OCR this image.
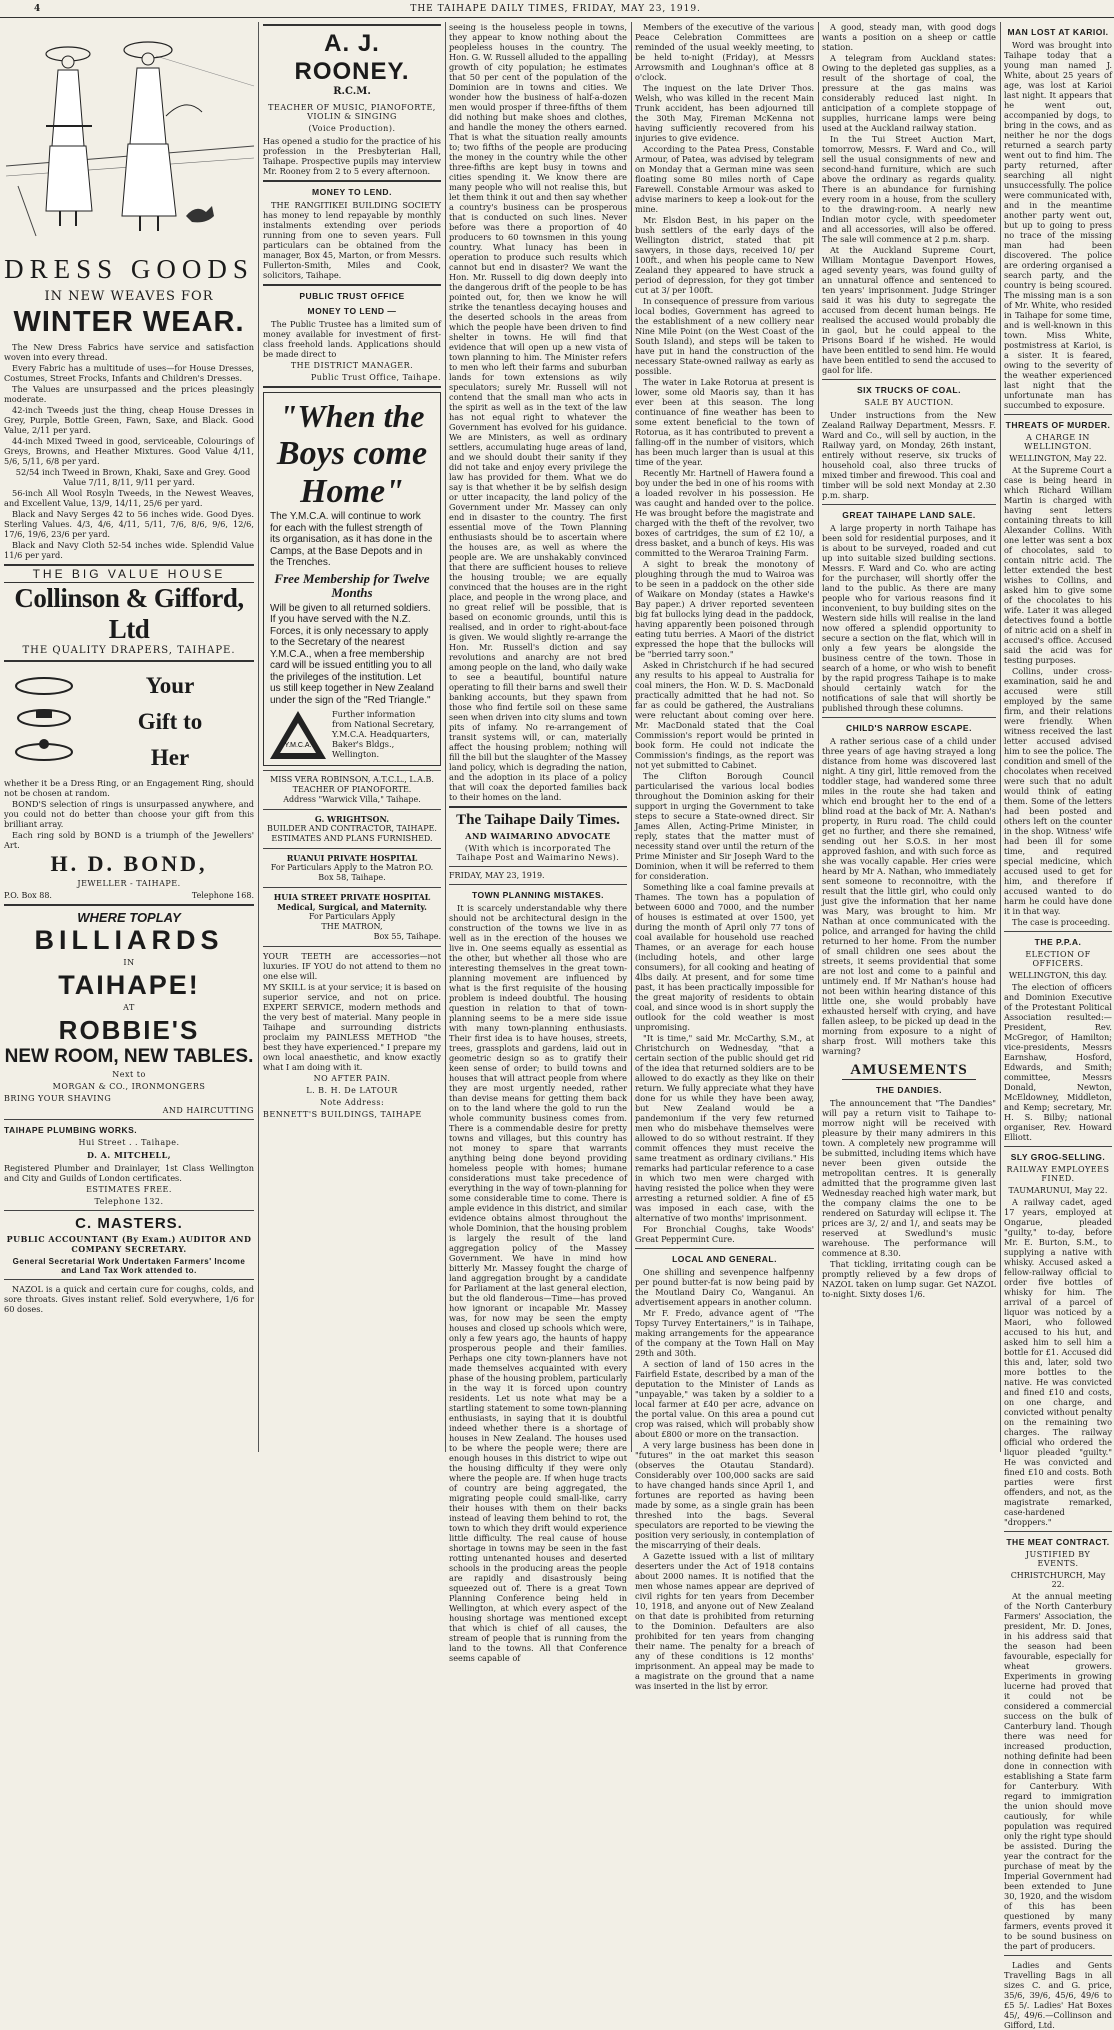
4	THE TAIHAPE DAILY TIMES, FRIDAY, MAY 23, 1919.
DRESS GOODS
IN NEW WEAVES FOR
WINTER WEAR.

The New Dress Fabrics have service and satisfaction woven into every thread.

Every Fabric has a multitude of uses—for House Dresses, Costumes, Street Frocks, Infants and Children's Dresses.

The Values are unsurpassed and the prices pleasingly moderate.

42-inch Tweeds just the thing, cheap House Dresses in Grey, Purple, Bottle Green, Fawn, Saxe, and Black. Good Value, 2/11 per yard.

44-inch Mixed Tweed in good, serviceable, Colourings of Greys, Browns, and Heather Mixtures. Good Value 4/11, 5/6, 5/11, 6/8 per yard.

52/54 inch Tweed in Brown, Khaki, Saxe and Grey. Good Value 7/11, 8/11, 9/11 per yard.

56-inch All Wool Rosyln Tweeds, in the Newest Weaves, and Excellent Value, 13/9, 14/11, 25/6 per yard.

Black and Navy Serges 42 to 56 inches wide. Good Dyes. Sterling Values. 4/3, 4/6, 4/11, 5/11, 7/6, 8/6, 9/6, 12/6, 17/6, 19/6, 23/6 per yard.

Black and Navy Cloth 52-54 inches wide. Splendid Value 11/6 per yard.

THE BIG VALUE HOUSE
Collinson & Gifford, Ltd
THE QUALITY DRAPERS, TAIHAPE.
Your
Gift to
Her

whether it be a Dress Ring, or an Engagement Ring, should not be chosen at random.

BOND'S selection of rings is unsurpassed anywhere, and you could not do better than choose your gift from this brilliant array.

Each ring sold by BOND is a triumph of the Jewellers' Art.

H. D. BOND,
JEWELLER - TAIHAPE.
P.O. Box 88.	Telephone 168.
WHERE TOPLAY
BILLIARDS
IN
TAIHAPE!
AT
ROBBIE'S
NEW ROOM, NEW TABLES.
Next to
MORGAN & CO., IRONMONGERS
BRING YOUR SHAVING
AND HAIRCUTTING
TAIHAPE PLUMBING WORKS.
Hui Street . . Taihape.
D. A. MITCHELL,

Registered Plumber and Drainlayer, 1st Class Wellington and City and Guilds of London certificates.

ESTIMATES FREE.
Telephone 132.
C. MASTERS.
PUBLIC ACCOUNTANT (By Exam.) AUDITOR AND COMPANY SECRETARY.
General Secretarial Work Undertaken Farmers' Income and Land Tax Work attended to.

NAZOL is a quick and certain cure for coughs, colds, and sore throats. Gives instant relief. Sold everywhere, 1/6 for 60 doses.

A. J. ROONEY.
R.C.M.
TEACHER OF MUSIC, PIANOFORTE, VIOLIN & SINGING
(Voice Production).

Has opened a studio for the practice of his profession in the Presbyterian Hall, Taihape. Prospective pupils may interview Mr. Rooney from 2 to 5 every afternoon.

MONEY TO LEND.

THE RANGITIKEI BUILDING SOCIETY has money to lend repayable by monthly instalments extending over periods running from one to seven years. Full particulars can be obtained from the manager, Box 45, Marton, or from Messrs. Fullerton-Smith, Miles and Cook, solicitors, Taihape.

PUBLIC TRUST OFFICE
MONEY TO LEND —

The Public Trustee has a limited sum of money available for investment of first-class freehold lands. Applications should be made direct to

THE DISTRICT MANAGER.
Public Trust Office, Taihape.
"When the
Boys come
Home"
The Y.M.C.A. will continue to work for each with the fullest strength of its organisation, as it has done in the Camps, at the Base Depots and in the Trenches.
Free Membership for Twelve Months
Will be given to all returned soldiers. If you have served with the N.Z. Forces, it is only necessary to apply to the Secretary of the nearest Y.M.C.A., when a free membership card will be issued entitling you to all the privileges of the institution. Let us still keep together in New Zealand under the sign of the "Red Triangle."
Y.M.C.A.
Further information from National Secretary, Y.M.C.A. Headquarters, Baker's Bldgs., Wellington.
MISS VERA ROBINSON, A.T.C.L., L.A.B.
TEACHER OF PIANOFORTE.
Address "Warwick Villa," Taihape.
G. WRIGHTSON.
BUILDER AND CONTRACTOR, TAIHAPE.
ESTIMATES AND PLANS FURNISHED.
RUANUI PRIVATE HOSPITAL
For Particulars Apply to the Matron P.O. Box 58, Taihape.
HUIA STREET PRIVATE HOSPITAL
Medical, Surgical, and Maternity.
For Particulars Apply
THE MATRON,
Box 55, Taihape.

YOUR TEETH are accessories—not luxuries. IF YOU do not attend to them no one else will.

MY SKILL is at your service; it is based on superior service, and not on price. EXPERT SERVICE, modern methods and the very best of material. Many people in Taihape and surrounding districts proclaim my PAINLESS METHOD "the best they have experienced." I prepare my own local anaesthetic, and know exactly what I am doing with it.

NO AFTER PAIN.
L. B. H. De LATOUR
Note Address:
BENNETT'S BUILDINGS, TAIHAPE

seeing is the houseless people in towns, they appear to know nothing about the peopleless houses in the country. The Hon. G. W. Russell alluded to the appalling growth of city population; he estimates that 50 per cent of the population of the Dominion are in towns and cities. We wonder how the business of half-a-dozen men would prosper if three-fifths of them did nothing but make shoes and clothes, and handle the money the others earned. That is what the situation really amounts to; two fifths of the people are producing the money in the country while the other three-fifths are kept busy in towns and cities spending it. We know there are many people who will not realise this, but let them think it out and then say whether a country's business can be prosperous that is conducted on such lines. Never before was there a proportion of 40 producers to 60 townsmen in this young country. What lunacy has been in operation to produce such results which cannot but end in disaster? We want the Hon. Mr. Russell to dig down deeply into the dangerous drift of the people to be has pointed out, for, then we know he will strike the tenantless decaying houses and the deserted schools in the areas from which the people have been driven to find shelter in towns. He will find that evidence that will open up a new vista of town planning to him. The Minister refers to men who left their farms and suburban lands for town extensions as wily speculators; surely Mr. Russell will not contend that the small man who acts in the spirit as well as in the text of the law has not equal right to whatever the Government has evolved for his guidance. We are Ministers, as well as ordinary settlers, accumulating huge areas of land, and we should doubt their sanity if they did not take and enjoy every privilege the law has provided for them. What we do say is that whether it be by selfish design or utter incapacity, the land policy of the Government under Mr. Massey can only end in disaster to the country. The first essential move of the Town Planning enthusiasts should be to ascertain where the houses are, as well as where the people are. We are unshakably convinced that there are sufficient houses to relieve the housing trouble; we are equally convinced that the houses are in the right place, and people in the wrong place, and no great relief will be possible, that is based on economic grounds, until this is realised, and in order to right-about-face is given. We would slightly re-arrange the Hon. Mr. Russell's diction and say revolutions and anarchy are not bred among people on the land, who daily wake to see a beautiful, bountiful nature operating to fill their barns and swell their banking accounts, but they spawn from those who find fertile soil on these same seen when driven into city slums and town pits of infamy. No re-arrangement of transit systems will, or can, materially affect the housing problem; nothing will fill the bill but the slaughter of the Massey land policy, which is degrading the nation, and the adoption in its place of a policy that will coax the deported families back to their homes on the land.

The Taihape Daily Times.
AND WAIMARINO ADVOCATE
(With which is incorporated The Taihape Post and Waimarino News).
FRIDAY, MAY 23, 1919.
TOWN PLANNING MISTAKES.

It is scarcely understandable why there should not be architectural design in the construction of the towns we live in as well as in the erection of the houses we live in. One seems equally as essential as the other, but whether all those who are interesting themselves in the great town-planning movement are influenced by what is the first requisite of the housing problem is indeed doubtful. The housing question in relation to that of town-planning seems to be a mere side issue with many town-planning enthusiasts. Their first idea is to have houses, streets, trees, grassplots and gardens, laid out in geometric design so as to gratify their keen sense of order; to build towns and houses that will attract people from where they are most urgently needed, rather than devise means for getting them back on to the land where the gold to run the whole community business comes from. There is a commendable desire for pretty towns and villages, but this country has not money to spare that warrants anything being done beyond providing homeless people with homes; humane considerations must take precedence of everything in the way of town-planning for some considerable time to come. There is ample evidence in this district, and similar evidence obtains almost throughout the whole Dominion, that the housing problem is largely the result of the land aggregation policy of the Massey Government. We have in mind how bitterly Mr. Massey fought the charge of land aggregation brought by a candidate for Parliament at the last general election, but the old flanderous—Time—has proved how ignorant or incapable Mr. Massey was, for now may be seen the empty houses and closed up schools which were, only a few years ago, the haunts of happy prosperous people and their families. Perhaps one city town-planners have not made themselves acquainted with every phase of the housing problem, particularly in the way it is forced upon country residents. Let us note what may be a startling statement to some town-planning enthusiasts, in saying that it is doubtful indeed whether there is a shortage of houses in New Zealand. The houses used to be where the people were; there are enough houses in this district to wipe out the housing difficulty if they were only where the people are. If when huge tracts of country are being aggregated, the migrating people could small-like, carry their houses with them on their backs instead of leaving them behind to rot, the town to which they drift would experience little difficulty. The real cause of house shortage in towns may be seen in the fast rotting untenanted houses and deserted schools in the producing areas the people are rapidly and disastrously being squeezed out of. There is a great Town Planning Conference being held in Wellington, at which every aspect of the housing shortage was mentioned except that which is chief of all causes, the stream of people that is running from the land to the towns. All that Conference seems capable of

Members of the executive of the various Peace Celebration Committees are reminded of the usual weekly meeting, to be held to-night (Friday), at Messrs Arrowsmith and Loughnan's office at 8 o'clock.

The inquest on the late Driver Thos. Welsh, who was killed in the recent Main Trunk accident, has been adjourned till the 30th May, Fireman McKenna not having sufficiently recovered from his injuries to give evidence.

According to the Patea Press, Constable Armour, of Patea, was advised by telegram on Monday that a German mine was seen floating some 80 miles north of Cape Farewell. Constable Armour was asked to advise mariners to keep a look-out for the mine.

Mr. Elsdon Best, in his paper on the bush settlers of the early days of the Wellington district, stated that pit sawyers, in those days, received 10/ per 100ft., and when his people came to New Zealand they appeared to have struck a period of depression, for they got timber cut at 3/ per 100ft.

In consequence of pressure from various local bodies, Government has agreed to the establishment of a new colliery near Nine Mile Point (on the West Coast of the South Island), and steps will be taken to have put in hand the construction of the necessary State-owned railway as early as possible.

The water in Lake Rotorua at present is lower, some old Maoris say, than it has ever been at this season. The long continuance of fine weather has been to some extent beneficial to the town of Rotorua, as it has contributed to prevent a falling-off in the number of visitors, which has been much larger than is usual at this time of the year.

Recently Mr. Hartnell of Hawera found a boy under the bed in one of his rooms with a loaded revolver in his possession. He was caught and handed over to the police. He was brought before the magistrate and charged with the theft of the revolver, two boxes of cartridges, the sum of £2 10/, a dress basket, and a bunch of keys. His was committed to the Weraroa Training Farm.

A sight to break the monotony of ploughing through the mud to Wairoa was to be seen in a paddock on the other side of Waikare on Monday (states a Hawke's Bay paper.) A driver reported seventeen big fat bullocks lying dead in the paddock, having apparently been poisoned through eating tutu berries. A Maori of the district expressed the hope that the bullocks will be "berried tarry soon."

Asked in Christchurch if he had secured any results to his appeal to Australia for coal miners, the Hon. W. D. S. MacDonald practically admitted that he had not. So far as could be gathered, the Australians were reluctant about coming over here. Mr. MacDonald stated that the Coal Commission's report would be printed in book form. He could not indicate the Commission's findings, as the report was not yet submitted to Cabinet.

The Clifton Borough Council particularised the various local bodies throughout the Dominion asking for their support in urging the Government to take steps to secure a State-owned direct. Sir James Allen, Acting-Prime Minister, in reply, states that the matter must of necessity stand over until the return of the Prime Minister and Sir Joseph Ward to the Dominion, when it will be referred to them for consideration.

Something like a coal famine prevails at Thames. The town has a population of between 6000 and 7000, and the number of houses is estimated at over 1500, yet during the month of April only 77 tons of coal available for household use reached Thames, or an average for each house (including hotels, and other large consumers), for all cooking and heating of 4lbs daily. At present, and for some time past, it has been practically impossible for the great majority of residents to obtain coal, and since wood is in short supply the outlook for the cold weather is most unpromising.

"It is time," said Mr. McCarthy, S.M., at Christchurch on Wednesday, "that a certain section of the public should get rid of the idea that returned soldiers are to be allowed to do exactly as they like on their return. We fully appreciate what they have done for us while they have been away, but New Zealand would be a pandemonium if the very few returned men who do misbehave themselves were allowed to do so without restraint. If they commit offences they must receive the same treatment as ordinary civilians." His remarks had particular reference to a case in which two men were charged with having resisted the police when they were arresting a returned soldier. A fine of £5 was imposed in each case, with the alternative of two months' imprisonment.

For Bronchial Coughs, take Woods' Great Peppermint Cure.

LOCAL AND GENERAL.

One shilling and sevenpence halfpenny per pound butter-fat is now being paid by the Moutland Dairy Co, Wanganui. An advertisement appears in another column.

Mr F. Fredo, advance agent of "The Topsy Turvey Entertainers," is in Taihape, making arrangements for the appearance of the company at the Town Hall on May 29th and 30th.

A section of land of 150 acres in the Fairfield Estate, described by a man of the deputation to the Minister of Lands as "unpayable," was taken by a soldier to a local farmer at £40 per acre, advance on the portal value. On this area a pound cut crop was raised, which will probably show about £800 or more on the transaction.

A very large business has been done in "futures" in the oat market this season (observes the Otautau Standard). Considerably over 100,000 sacks are said to have changed hands since April 1, and fortunes are reported as having been made by some, as a single grain has been threshed into the bags. Several speculators are reported to be viewing the position very seriously, in contemplation of the miscarrying of their deals.

A Gazette issued with a list of military deserters under the Act of 1918 contains about 2000 names. It is notified that the men whose names appear are deprived of civil rights for ten years from December 10, 1918, and anyone out of New Zealand on that date is prohibited from returning to the Dominion. Defaulters are also prohibited for ten years from changing their name. The penalty for a breach of any of these conditions is 12 months' imprisonment. An appeal may be made to a magistrate on the ground that a name was inserted in the list by error.

A good, steady man, with good dogs wants a position on a sheep or cattle station.

A telegram from Auckland states: Owing to the depleted gas supplies, as a result of the shortage of coal, the pressure at the gas mains was considerably reduced last night. In anticipation of a complete stoppage of supplies, hurricane lamps were being used at the Auckland railway station.

In the Tui Street Auction Mart, tomorrow, Messrs. F. Ward and Co., will sell the usual consignments of new and second-hand furniture, which are such above the ordinary as regards quality. There is an abundance for furnishing every room in a house, from the scullery to the drawing-room. A nearly new Indian motor cycle, with speedometer and all accessories, will also be offered. The sale will commence at 2 p.m. sharp.

At the Auckland Supreme Court, William Montague Davenport Howes, aged seventy years, was found guilty of an unnatural offence and sentenced to ten years' imprisonment. Judge Stringer said it was his duty to segregate the accused from decent human beings. He realised the accused would probably die in gaol, but he could appeal to the Prisons Board if he wished. He would have been entitled to send him. He would have been entitled to send the accused to gaol for life.

SIX TRUCKS OF COAL.
SALE BY AUCTION.

Under instructions from the New Zealand Railway Department, Messrs. F. Ward and Co., will sell by auction, in the Railway yard, on Monday, 26th instant, entirely without reserve, six trucks of household coal, also three trucks of mixed timber and firewood. This coal and timber will be sold next Monday at 2.30 p.m. sharp.

GREAT TAIHAPE LAND SALE.

A large property in north Taihape has been sold for residential purposes, and it is about to be surveyed, roaded and cut up into suitable sized building sections. Messrs. F. Ward and Co. who are acting for the purchaser, will shortly offer the land to the public. As there are many people who for various reasons find it inconvenient, to buy building sites on the Western side hills will realise in the land now offered a splendid opportunity to secure a section on the flat, which will in only a few years be alongside the business centre of the town. Those in search of a home, or who wish to benefit by the rapid progress Taihape is to make should certainly watch for the notifications of sale that will shortly be published through these columns.

CHILD'S NARROW ESCAPE.

A rather serious case of a child under three years of age having strayed a long distance from home was discovered last night. A tiny girl, little removed from the toddler stage, had wandered some three miles in the route she had taken and which end brought her to the end of a blind road at the back of Mr. A. Nathan's property, in Ruru road. The child could get no further, and there she remained, sending out her S.O.S. in her most approved fashion, and with such force as she was vocally capable. Her cries were heard by Mr A. Nathan, who immediately sent someone to reconnoitre, with the result that the little girl, who could only just give the information that her name was Mary, was brought to him. Mr Nathan at once communicated with the police, and arranged for having the child returned to her home. From the number of small children one sees about the streets, it seems providential that some are not lost and come to a painful and untimely end. If Mr Nathan's house had not been within hearing distance of this little one, she would probably have exhausted herself with crying, and have fallen asleep, to be picked up dead in the morning from exposure to a night of sharp frost. Will mothers take this warning?

AMUSEMENTS
THE DANDIES.

The announcement that "The Dandies" will pay a return visit to Taihape to-morrow night will be received with pleasure by their many admirers in this town. A completely new programme will be submitted, including items which have never been given outside the metropolitan centres. It is generally admitted that the programme given last Wednesday reached high water mark, but the company claims the one to be rendered on Saturday will eclipse it. The prices are 3/, 2/ and 1/, and seats may be reserved at Swedlund's music warehouse. The performance will commence at 8.30.

That tickling, irritating cough can be promptly relieved by a few drops of NAZOL taken on lump sugar. Get NAZOL to-night. Sixty doses 1/6.

MAN LOST AT KARIOI.

Word was brought into Taihape today that a young man named J. White, about 25 years of age, was lost at Karioi last night. It appears that he went out, accompanied by dogs, to bring in the cows, and as neither he nor the dogs returned a search party went out to find him. The party returned, after searching all night unsuccessfully. The police were communicated with, and in the meantime another party went out, but up to going to press no trace of the missing man had been discovered. The police are ordering organised a search party, and the country is being scoured. The missing man is a son of Mr. White, who resided in Taihape for some time, and is well-known in this town. Miss White, postmistress at Karioi, is a sister. It is feared, owing to the severity of the weather experienced last night that the unfortunate man has succumbed to exposure.

THREATS OF MURDER.
A CHARGE IN WELLINGTON.
WELLINGTON, May 22.

At the Supreme Court a case is being heard in which Richard William Martin is charged with having sent letters containing threats to kill Alexander Collins. With one letter was sent a box of chocolates, said to contain nitric acid. The letter extended the best wishes to Collins, and asked him to give some of the chocolates to his wife. Later it was alleged detectives found a bottle of nitric acid on a shelf in accused's office. Accused said the acid was for testing purposes.

Collins, under cross-examination, said he and accused were still employed by the same firm, and their relations were friendly. When witness received the last letter accused advised him to see the police. The condition and smell of the chocolates when received were such that no adult would think of eating them. Some of the letters had been posted and others left on the counter in the shop. Witness' wife had been ill for some time, and required special medicine, which accused used to get for him, and therefore if accused wanted to do harm he could have done it in that way.

The case is proceeding.

THE P.P.A.
ELECTION OF OFFICERS.
WELLINGTON, this day.

The election of officers and Dominion Executive of the Protestant Political Association resulted:—President, Rev. McGregor, of Hamilton; vice-presidents, Messrs Earnshaw, Hosford, Edwards, and Smith; committee, Messrs Donald, Newton, McEldowney, Middleton, and Kemp; secretary, Mr. H. S. Bilby; national organiser, Rev. Howard Elliott.

SLY GROG-SELLING.
RAILWAY EMPLOYEES FINED.
TAUMARUNUI, May 22.

A railway cadet, aged 17 years, employed at Ongarue, pleaded "guilty," to-day, before Mr. E. Burton, S.M., to supplying a native with whisky. Accused asked a fellow-railway official to order five bottles of whisky for him. The arrival of a parcel of liquor was noticed by a Maori, who followed accused to his hut, and asked him to sell him a bottle for £1. Accused did this and, later, sold two more bottles to the native. He was convicted and fined £10 and costs, on one charge, and convicted without penalty on the remaining two charges. The railway official who ordered the liquor pleaded "guilty." He was convicted and fined £10 and costs. Both parties were first offenders, and not, as the magistrate remarked, case-hardened "droppers."

THE MEAT CONTRACT.
JUSTIFIED BY EVENTS.
CHRISTCHURCH, May 22.

At the annual meeting of the North Canterbury Farmers' Association, the president, Mr. D. Jones, in his address said that the season had been favourable, especially for wheat growers. Experiments in growing lucerne had proved that it could not be considered a commercial success on the bulk of Canterbury land. Though there was need for increased production, nothing definite had been done in connection with establishing a State farm for Canterbury. With regard to immigration the union should move cautiously, for while population was required only the right type should be assisted. During the year the contract for the purchase of meat by the Imperial Government had been extended to June 30, 1920, and the wisdom of this has been questioned by many farmers, events proved it to be sound business on the part of producers.

Ladies and Gents Travelling Bags in all sizes C. and G. price, 35/6, 39/6, 45/6, 49/6 to £5 5/. Ladies' Hat Boxes 45/, 49/6.—Collinson and Gifford, Ltd.
